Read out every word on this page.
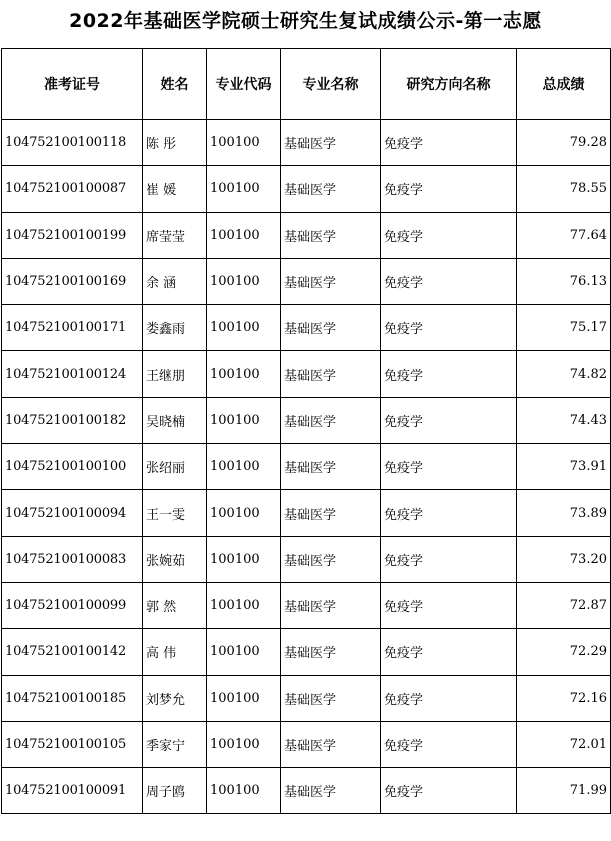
2022年基础医学院硕士研究生复试成绩公示-第一志愿
准考证号	姓名	专业代码	专业名称	研究方向名称	总成绩
104752100100118	陈 彤	100100	基础医学	免疫学	79.28
104752100100087	崔 媛	100100	基础医学	免疫学	78.55
104752100100199	席莹莹	100100	基础医学	免疫学	77.64
104752100100169	余 涵	100100	基础医学	免疫学	76.13
104752100100171	娄鑫雨	100100	基础医学	免疫学	75.17
104752100100124	王继朋	100100	基础医学	免疫学	74.82
104752100100182	吴晓楠	100100	基础医学	免疫学	74.43
104752100100100	张绍丽	100100	基础医学	免疫学	73.91
104752100100094	王一雯	100100	基础医学	免疫学	73.89
104752100100083	张婉茹	100100	基础医学	免疫学	73.20
104752100100099	郭 然	100100	基础医学	免疫学	72.87
104752100100142	高 伟	100100	基础医学	免疫学	72.29
104752100100185	刘梦允	100100	基础医学	免疫学	72.16
104752100100105	季家宁	100100	基础医学	免疫学	72.01
104752100100091	周子鸥	100100	基础医学	免疫学	71.99
